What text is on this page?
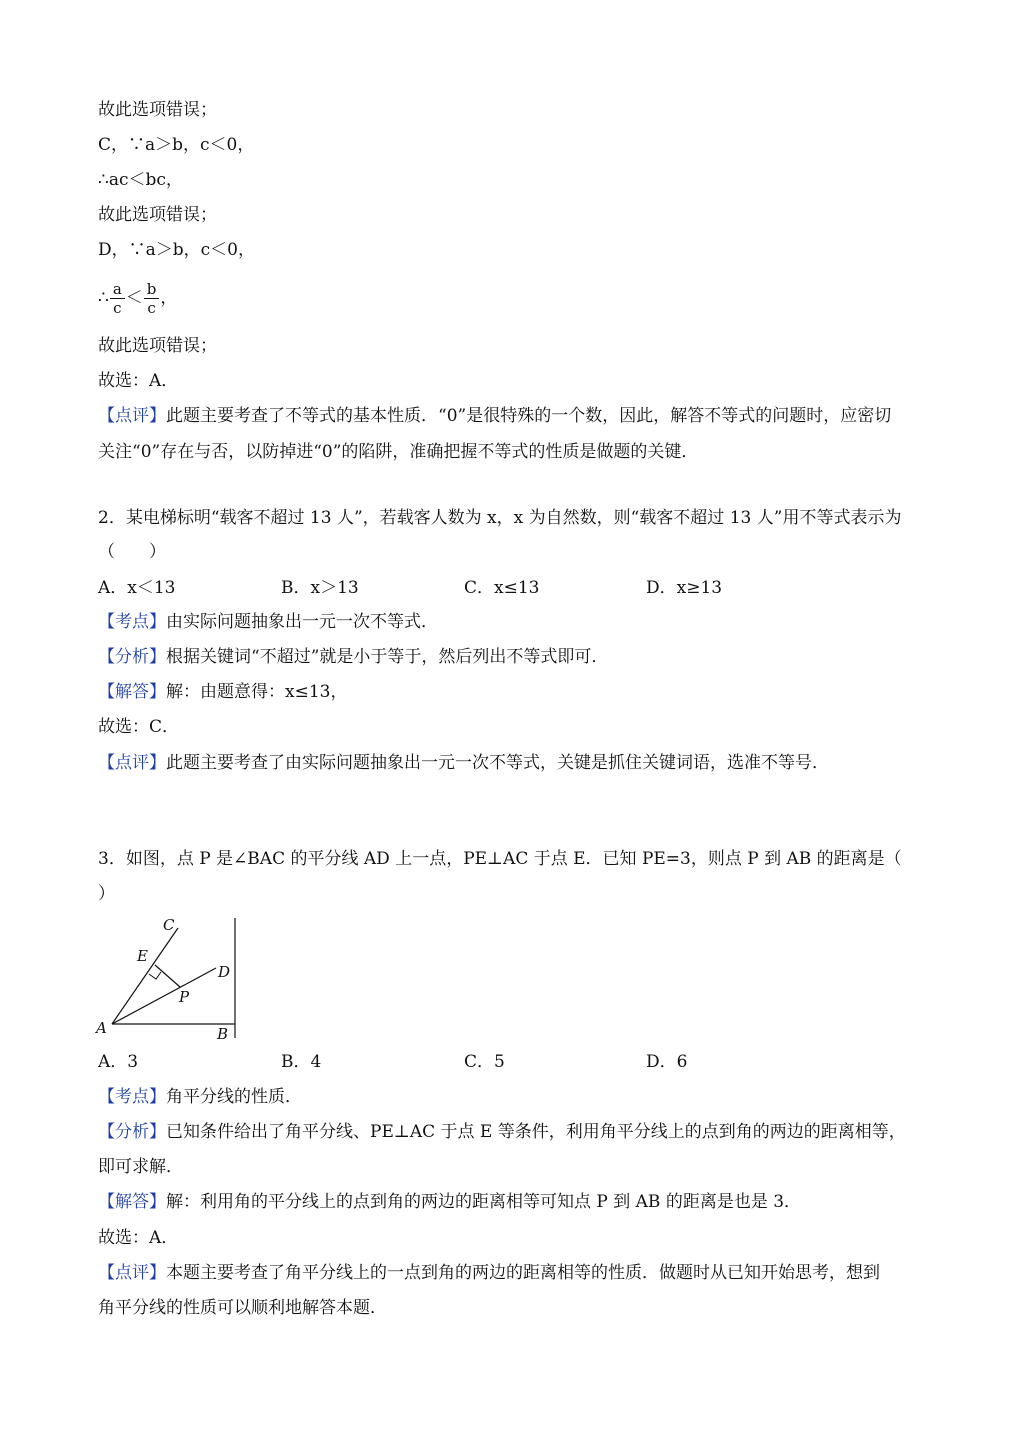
故此选项错误；
C，∵a＞b，c＜0，
∴ac＜bc，
故此选项错误；
D，∵a＞b，c＜0，
∴ $\frac{a}{c} < \frac{b}{c}$ ，
故此选项错误；
故选：A．
【点评】此题主要考查了不等式的基本性质．“0”是很特殊的一个数，因此，解答不等式的问题时，应密切
关注“0”存在与否，以防掉进“0”的陷阱，准确把握不等式的性质是做题的关键．
2．某电梯标明“载客不超过 13 人”，若载客人数为 x，x 为自然数，则“载客不超过 13 人”用不等式表示为
（　　）
A．x＜13	B．x＞13	C．x≤13	D．x≥13
【考点】由实际问题抽象出一元一次不等式．
【分析】根据关键词“不超过”就是小于等于，然后列出不等式即可．
【解答】解：由题意得：x≤13，
故选：C．
【点评】此题主要考查了由实际问题抽象出一元一次不等式，关键是抓住关键词语，选准不等号．
3．如图，点 P 是∠BAC 的平分线 AD 上一点，PE⊥AC 于点 E．已知 PE=3，则点 P 到 AB 的距离是（
）
C
E
D
P
A	B
A．3	B．4	C．5	D．6
【考点】角平分线的性质．
【分析】已知条件给出了角平分线、PE⊥AC 于点 E 等条件，利用角平分线上的点到角的两边的距离相等，
即可求解．
【解答】解：利用角的平分线上的点到角的两边的距离相等可知点 P 到 AB 的距离是也是 3．
故选：A．
【点评】本题主要考查了角平分线上的一点到角的两边的距离相等的性质．做题时从已知开始思考，想到
角平分线的性质可以顺利地解答本题．
